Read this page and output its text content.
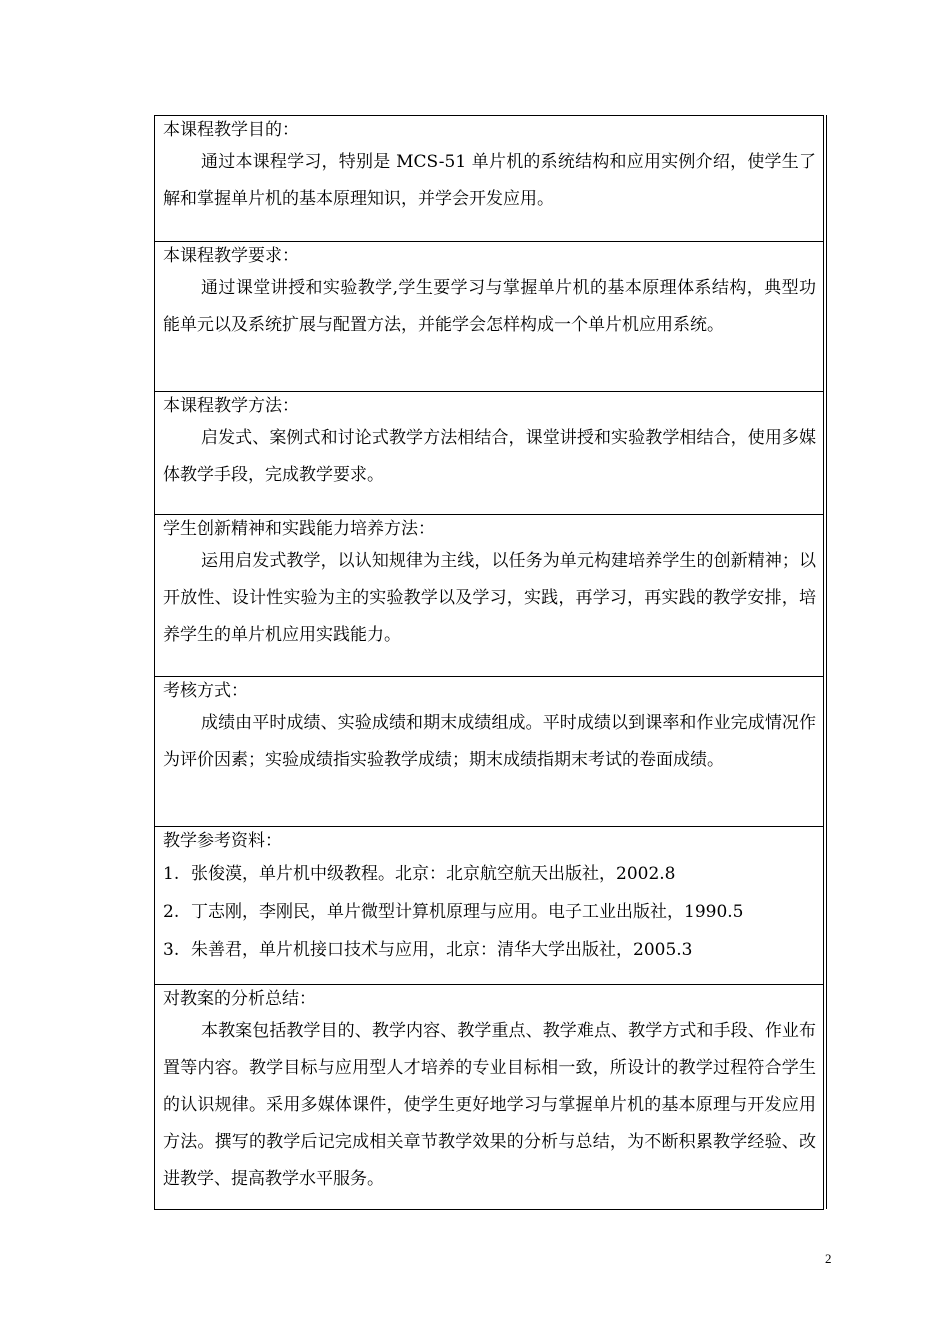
本课程教学目的：
通过本课程学习，特别是 MCS-51 单片机的系统结构和应用实例介绍，使学生了解和掌握单片机的基本原理知识，并学会开发应用。
本课程教学要求：
通过课堂讲授和实验教学,学生要学习与掌握单片机的基本原理体系结构，典型功能单元以及系统扩展与配置方法，并能学会怎样构成一个单片机应用系统。
本课程教学方法：
启发式、案例式和讨论式教学方法相结合，课堂讲授和实验教学相结合，使用多媒体教学手段，完成教学要求。
学生创新精神和实践能力培养方法：
运用启发式教学，以认知规律为主线，以任务为单元构建培养学生的创新精神；以开放性、设计性实验为主的实验教学以及学习，实践，再学习，再实践的教学安排，培养学生的单片机应用实践能力。
考核方式：
成绩由平时成绩、实验成绩和期末成绩组成。平时成绩以到课率和作业完成情况作为评价因素；实验成绩指实验教学成绩；期末成绩指期末考试的卷面成绩。
教学参考资料：
1. 张俊漠，单片机中级教程。北京：北京航空航天出版社，2002.8
2. 丁志刚，李刚民，单片微型计算机原理与应用。电子工业出版社，1990.5
3. 朱善君，单片机接口技术与应用，北京：清华大学出版社，2005.3
对教案的分析总结：
本教案包括教学目的、教学内容、教学重点、教学难点、教学方式和手段、作业布置等内容。教学目标与应用型人才培养的专业目标相一致，所设计的教学过程符合学生的认识规律。采用多媒体课件，使学生更好地学习与掌握单片机的基本原理与开发应用方法。撰写的教学后记完成相关章节教学效果的分析与总结，为不断积累教学经验、改进教学、提高教学水平服务。
2
